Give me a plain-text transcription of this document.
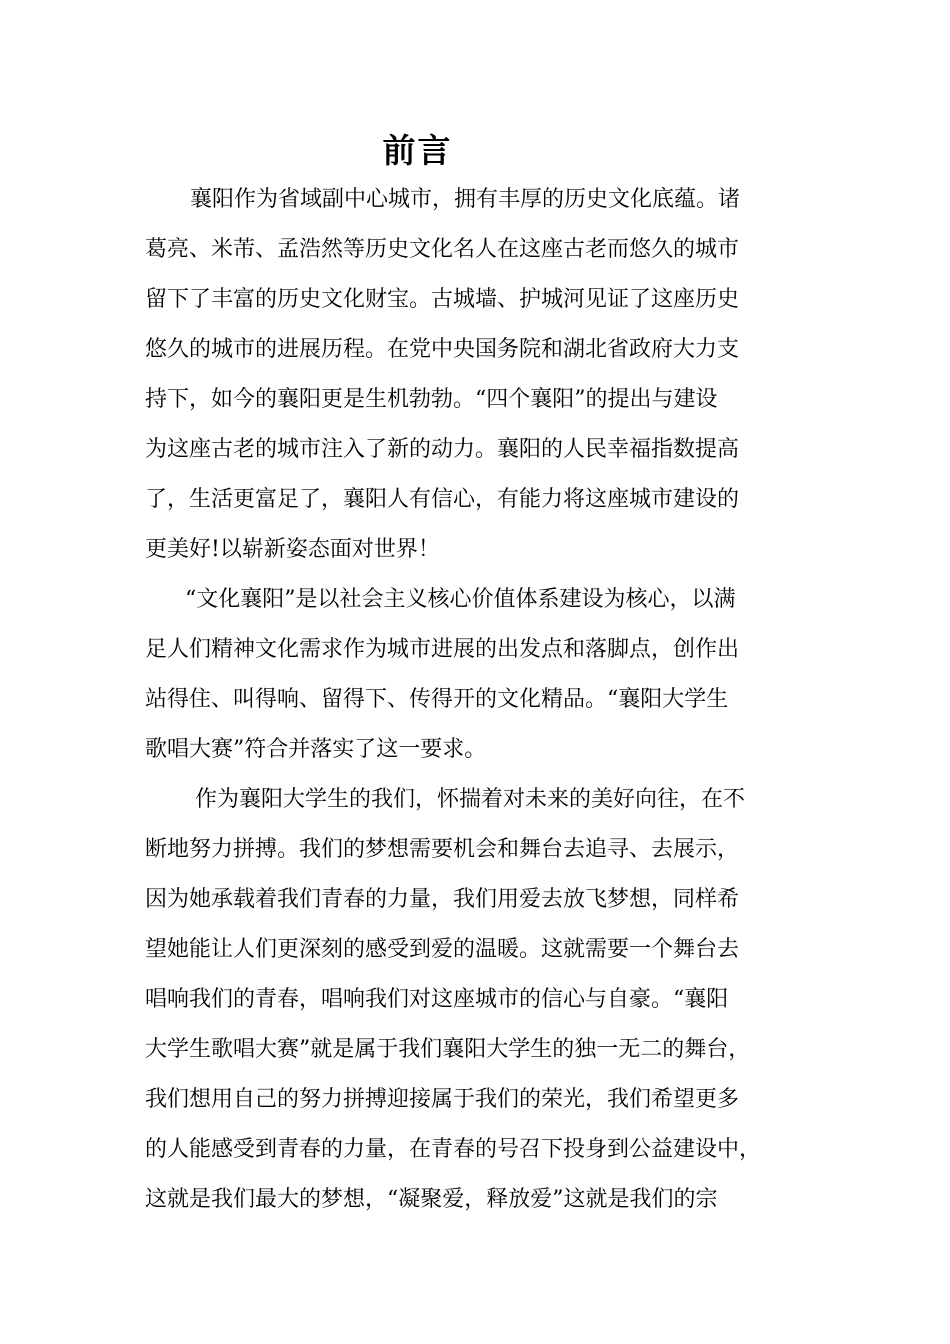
前言

襄阳作为省域副中心城市，拥有丰厚的历史文化底蕴。诸

葛亮、米芾、孟浩然等历史文化名人在这座古老而悠久的城市

留下了丰富的历史文化财宝。古城墙、护城河见证了这座历史

悠久的城市的进展历程。在党中央国务院和湖北省政府大力支

持下，如今的襄阳更是生机勃勃。“四个襄阳”的提出与建设

为这座古老的城市注入了新的动力。襄阳的人民幸福指数提高

了，生活更富足了，襄阳人有信心，有能力将这座城市建设的

更美好!以崭新姿态面对世界！

“文化襄阳”是以社会主义核心价值体系建设为核心，以满

足人们精神文化需求作为城市进展的出发点和落脚点，创作出

站得住、叫得响、留得下、传得开的文化精品。“襄阳大学生

歌唱大赛”符合并落实了这一要求。

作为襄阳大学生的我们，怀揣着对未来的美好向往，在不

断地努力拼搏。我们的梦想需要机会和舞台去追寻、去展示，

因为她承载着我们青春的力量，我们用爱去放飞梦想，同样希

望她能让人们更深刻的感受到爱的温暖。这就需要一个舞台去

唱响我们的青春，唱响我们对这座城市的信心与自豪。“襄阳

大学生歌唱大赛”就是属于我们襄阳大学生的独一无二的舞台，

我们想用自己的努力拼搏迎接属于我们的荣光，我们希望更多

的人能感受到青春的力量，在青春的号召下投身到公益建设中，

这就是我们最大的梦想，“凝聚爱，释放爱”这就是我们的宗
